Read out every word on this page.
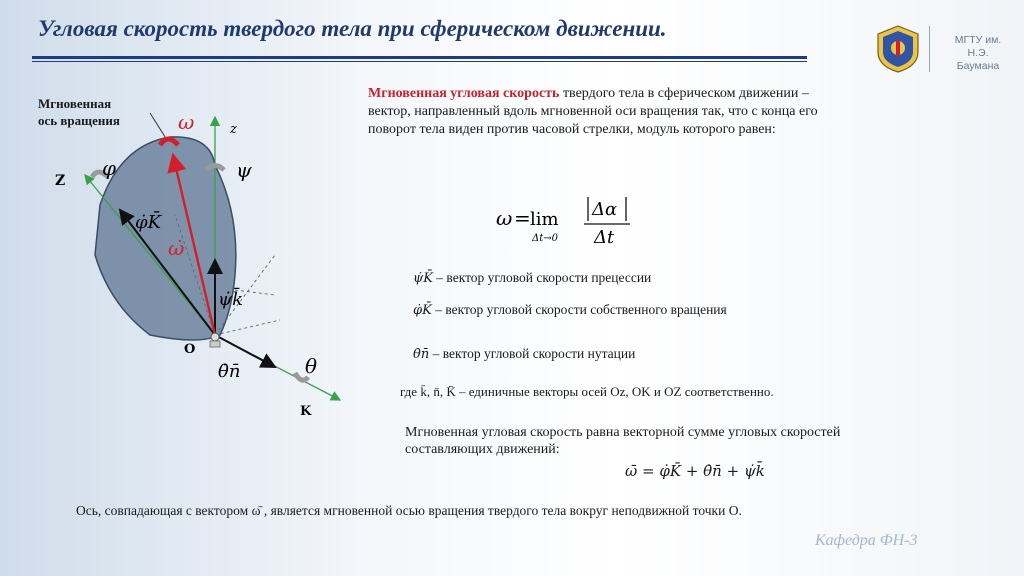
Угловая скорость твердого тела при сферическом движении.	МГТУ им.
Н.Э.
Баумана
Мгновенная
ось вращения	ω	z
Z
φ	ψ
φ̇K̄
ω̇
ψ̇k̄
O
θ̇n̄	θ
K
Мгновенная угловая скорость твердого тела в сферическом движении – вектор, направленный вдоль мгновенной оси вращения так, что с конца его поворот тела виден против часовой стрелки, модуль которого равен:
ω = lim
Δt→0
Δα
Δt
ψ̇K̄ – вектор угловой скорости прецессии
φ̇K̄ – вектор угловой скорости собственного вращения
θ̇n̄ – вектор угловой скорости нутации
где k̄, n̄, K̄ – единичные векторы осей Oz, OK и OZ соответственно.
Мгновенная угловая скорость равна векторной сумме угловых скоростей составляющих движений:
ω̄ = φ̇K̄ + θ̇n̄ + ψ̇k̄
Ось, совпадающая с вектором ω̄ , является мгновенной осью вращения твердого тела вокруг неподвижной точки О.
Кафедра ФН-3
